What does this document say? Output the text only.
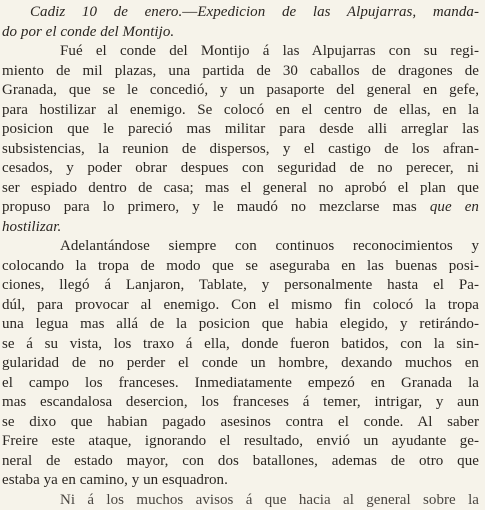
Cadiz 10 de enero.—Expedicion de las Alpujarras, manda-
do por el conde del Montijo.
Fué el conde del Montijo á las Alpujarras con su regi-
miento de mil plazas, una partida de 30 caballos de dragones de
Granada, que se le concedió, y un pasaporte del general en gefe,
para hostilizar al enemigo. Se colocó en el centro de ellas, en la
posicion que le pareció mas militar para desde alli arreglar las
subsistencias, la reunion de dispersos, y el castigo de los afran-
cesados, y poder obrar despues con seguridad de no perecer, ni
ser espiado dentro de casa; mas el general no aprobó el plan que
propuso para lo primero, y le maudó no mezclarse mas que en
hostilizar.
Adelantándose siempre con continuos reconocimientos y
colocando la tropa de modo que se aseguraba en las buenas posi-
ciones, llegó á Lanjaron, Tablate, y personalmente hasta el Pa-
dúl, para provocar al enemigo. Con el mismo fin colocó la tropa
una legua mas allá de la posicion que habia elegido, y retirándo-
se á su vista, los traxo á ella, donde fueron batidos, con la sin-
gularidad de no perder el conde un hombre, dexando muchos en
el campo los franceses. Inmediatamente empezó en Granada la
mas escandalosa desercion, los franceses á temer, intrigar, y aun
se dixo que habian pagado asesinos contra el conde. Al saber
Freire este ataque, ignorando el resultado, envió un ayudante ge-
neral de estado mayor, con dos batallones, ademas de otro que
estaba ya en camino, y un esquadron.
Ni á los muchos avisos á que hacia al general sobre la
